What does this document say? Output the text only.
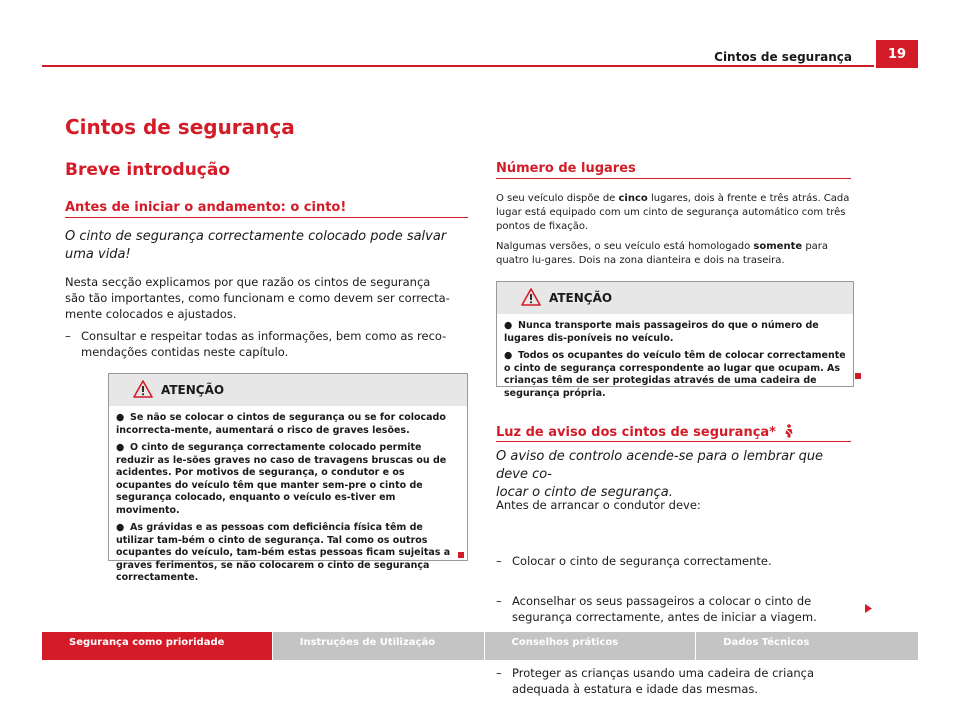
Cintos de segurança	19
Cintos de segurança
Breve introdução
Antes de iniciar o andamento: o cinto!
O cinto de segurança correctamente colocado pode salvar
uma vida!
Nesta secção explicamos por que razão os cintos de segurança
são tão importantes, como funcionam e como devem ser correcta-
mente colocados e ajustados.
– Consultar e respeitar todas as informações, bem como as reco-
mendações contidas neste capítulo.
ATENÇÃO

● Se não se colocar o cintos de segurança ou se for colocado incorrecta-mente, aumentará o risco de graves lesões.

● O cinto de segurança correctamente colocado permite reduzir as le-sões graves no caso de travagens bruscas ou de acidentes. Por motivos de segurança, o condutor e os ocupantes do veículo têm que manter sem-pre o cinto de segurança colocado, enquanto o veículo es-tiver em movimento.

● As grávidas e as pessoas com deficiência física têm de utilizar tam-bém o cinto de segurança. Tal como os outros ocupantes do veículo, tam-bém estas pessoas ficam sujeitas a graves ferimentos, se não colocarem o cinto de segurança correctamente.

Número de lugares
O seu veículo dispõe de cinco lugares, dois à frente e três atrás. Cada lugar está equipado com um cinto de segurança automático com três pontos de fixação.
Nalgumas versões, o seu veículo está homologado somente para quatro lu-gares. Dois na zona dianteira e dois na traseira.
ATENÇÃO

● Nunca transporte mais passageiros do que o número de lugares dis-poníveis no veículo.

● Todos os ocupantes do veículo têm de colocar correctamente o cinto de segurança correspondente ao lugar que ocupam. As crianças têm de ser protegidas através de uma cadeira de segurança própria.

Luz de aviso dos cintos de segurança*
O aviso de controlo acende-se para o lembrar que deve co-
locar o cinto de segurança.
Antes de arrancar o condutor deve:
– Colocar o cinto de segurança correctamente.
– Aconselhar os seus passageiros a colocar o cinto de segurança correctamente, antes de iniciar a viagem.
– Proteger as crianças usando uma cadeira de criança adequada à estatura e idade das mesmas.
Segurança como prioridade	Instruções de Utilização	Conselhos práticos	Dados Técnicos
